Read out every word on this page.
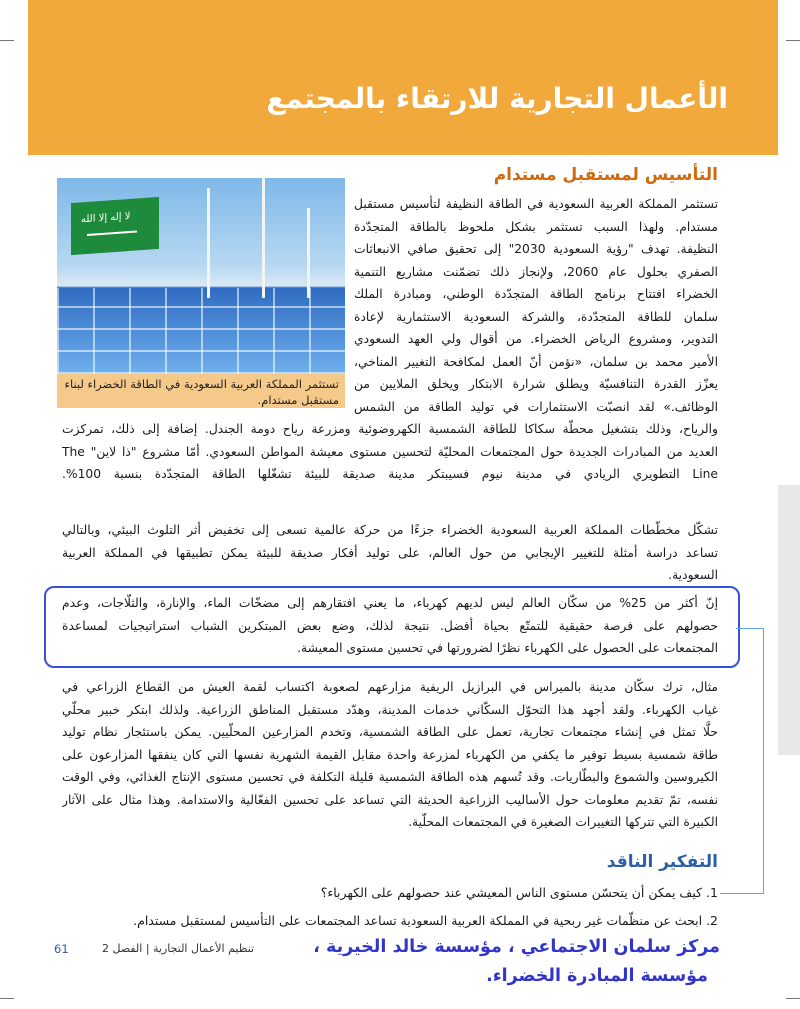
الأعمال التجارية للارتقاء بالمجتمع
التأسيس لمستقبل مستدام
لا إله إلا الله
تستثمر المملكة العربية السعودية في الطاقة الخضراء لبناء مستقبل مستدام.
تستثمر المملكة العربية السعودية في الطاقة النظيفة لتأسيس مستقبل
مستدام. ولهذا السبب تستثمر بشكل ملحوظ بالطاقة المتجدّدة
النظيفة. تهدف "رؤية السعودية 2030" إلى تحقيق صافي الانبعاثات
الصفري بحلول عام 2060، ولإنجاز ذلك تضمّنت مشاريع التنمية
الخضراء افتتاح برنامج الطاقة المتجدّدة الوطني، ومبادرة الملك
سلمان للطاقة المتجدّدة، والشركة السعودية الاستثمارية لإعادة
التدوير، ومشروع الرياض الخضراء. من أقوال ولي العهد السعودي
الأمير محمد بن سلمان، «نؤمن أنّ العمل لمكافحة التغيير المناخي،
يعزّز القدرة التنافسيّة ويطلق شرارة الابتكار ويخلق الملايين من
الوظائف.» لقد انصبّت الاستثمارات في توليد الطاقة من الشمس
والرياح، وذلك بتشغيل محطّة سكاكا للطاقة الشمسية الكهروضوئية ومزرعة رياح دومة الجندل. إضافة إلى ذلك، تمركزت
العديد من المبادرات الجديدة حول المجتمعات المحليّة لتحسين مستوى معيشة المواطن السعودي. أمّا مشروع "ذا لاين" The
Line التطويري الريادي في مدينة نيوم فسيبتكر مدينة صديقة للبيئة تشغّلها الطاقة المتجدّدة بنسبة 100%.
تشكّل مخطّطات المملكة العربية السعودية الخضراء جزءًا من حركة عالمية تسعى إلى تخفيض أثر التلوث البيئي، وبالتالي
تساعد دراسة أمثلة للتغيير الإيجابي من حول العالم، على توليد أفكار صديقة للبيئة يمكن تطبيقها في المملكة العربية
السعودية.
إنّ أكثر من 25% من سكّان العالم ليس لديهم كهرباء، ما يعني افتقارهم إلى مضخّات الماء، والإنارة، والثلّاجات، وعدم
حصولهم على فرصة حقيقية للتمتّع بحياة أفضل. نتيجة لذلك، وضع بعض المبتكرين الشباب استراتيجيات لمساعدة
المجتمعات على الحصول على الكهرباء نظرًا لضرورتها في تحسين مستوى المعيشة.
مثال، ترك سكّان مدينة بالميراس في البرازيل الريفية مزارعهم لصعوبة اكتساب لقمة العيش من القطاع الزراعي في
غياب الكهرباء. ولقد أجهد هذا التحوّل السكّاني خدمات المدينة، وهدّد مستقبل المناطق الزراعية. ولذلك ابتكر خبير محلّي
حلًّا تمثل في إنشاء مجتمعات تجارية، تعمل على الطاقة الشمسية، وتخدم المزارعين المحلّيين. يمكن باستئجار نظام توليد
طاقة شمسية بسيط توفير ما يكفي من الكهرباء لمزرعة واحدة مقابل القيمة الشهرية نفسها التي كان ينفقها المزارعون على
الكيروسين والشموع والبطّاريات. وقد تُسهم هذه الطاقة الشمسية قليلة التكلفة في تحسين مستوى الإنتاج الغذائي، وفي الوقت
نفسه، تمّ تقديم معلومات حول الأساليب الزراعية الحديثة التي تساعد على تحسين الفعّالية والاستدامة. وهذا مثال على الآثار
الكبيرة التي تتركها التغييرات الصغيرة في المجتمعات المحلّية.
التفكير الناقد
1. كيف يمكن أن يتحسّن مستوى الناس المعيشي عند حصولهم على الكهرباء؟
2. ابحث عن منظّمات غير ربحية في المملكة العربية السعودية تساعد المجتمعات على التأسيس لمستقبل مستدام.
61	تنظيم الأعمال التجارية | الفصل 2	مركز سلمان الاجتماعي ، مؤسسة خالد الخيرية ،
مؤسسة المبادرة الخضراء.
